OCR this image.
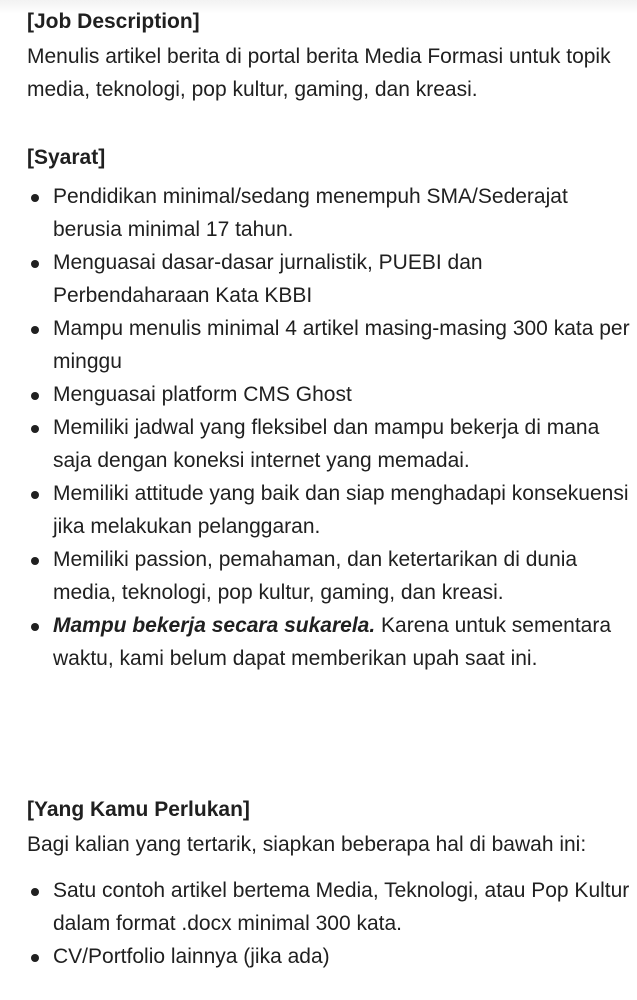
[Job Description]

Menulis artikel berita di portal berita Media Formasi untuk topik media, teknologi, pop kultur, gaming, dan kreasi.

[Syarat]
Pendidikan minimal/sedang menempuh SMA/Sederajat berusia minimal 17 tahun.
Menguasai dasar-dasar jurnalistik, PUEBI dan Perbendaharaan Kata KBBI
Mampu menulis minimal 4 artikel masing-masing 300 kata per minggu
Menguasai platform CMS Ghost
Memiliki jadwal yang fleksibel dan mampu bekerja di mana saja dengan koneksi internet yang memadai.
Memiliki attitude yang baik dan siap menghadapi konsekuensi jika melakukan pelanggaran.
Memiliki passion, pemahaman, dan ketertarikan di dunia media, teknologi, pop kultur, gaming, dan kreasi.
Mampu bekerja secara sukarela. Karena untuk sementara waktu, kami belum dapat memberikan upah saat ini.
[Yang Kamu Perlukan]

Bagi kalian yang tertarik, siapkan beberapa hal di bawah ini:

Satu contoh artikel bertema Media, Teknologi, atau Pop Kultur dalam format .docx minimal 300 kata.
CV/Portfolio lainnya (jika ada)
